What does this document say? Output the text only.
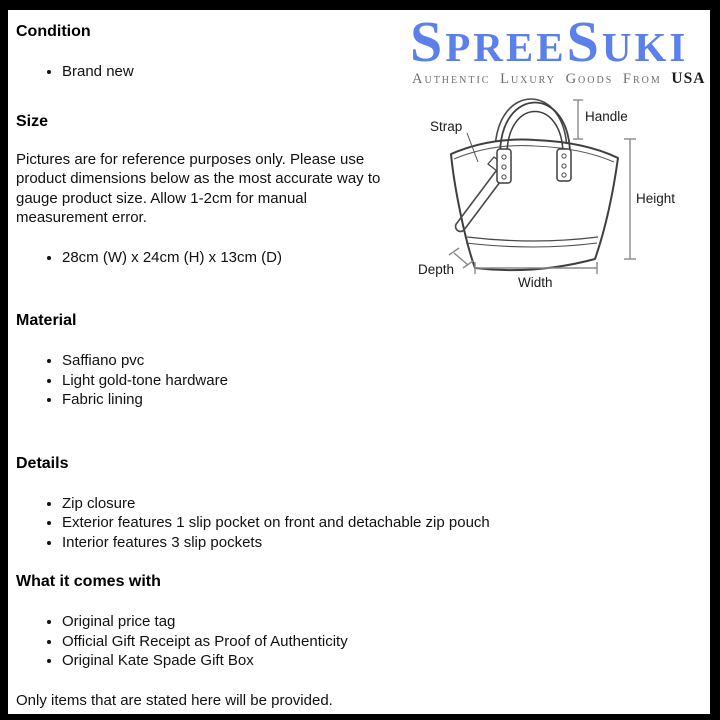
SpreeSuki
Authentic Luxury Goods From USA
Strap
Handle
Height
Depth
Width
Condition
• Brand new
Size

Pictures are for reference purposes only. Please use product dimensions below as the most accurate way to gauge product size. Allow 1-2cm for manual measurement error.

• 28cm (W) x 24cm (H) x 13cm (D)
Material
• Saffiano pvc
• Light gold-tone hardware
• Fabric lining
Details
• Zip closure
• Exterior features 1 slip pocket on front and detachable zip pouch
• Interior features 3 slip pockets
What it comes with
• Original price tag
• Official Gift Receipt as Proof of Authenticity
• Original Kate Spade Gift Box

Only items that are stated here will be provided.
